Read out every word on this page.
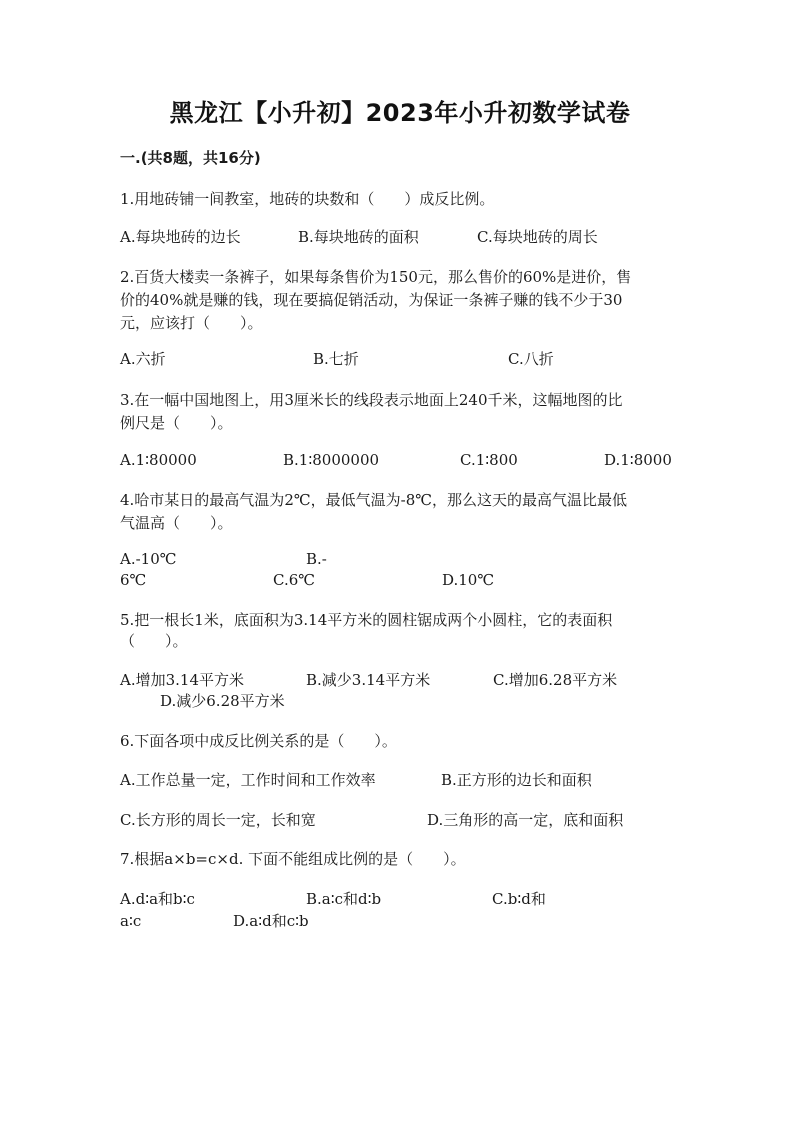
黑龙江【小升初】2023年小升初数学试卷
一.(共8题，共16分)
1.用地砖铺一间教室，地砖的块数和（　　）成反比例。
A.每块地砖的边长	B.每块地砖的面积	C.每块地砖的周长
2.百货大楼卖一条裤子，如果每条售价为150元，那么售价的60%是进价，售
价的40%就是赚的钱，现在要搞促销活动，为保证一条裤子赚的钱不少于30
元，应该打（　　）。
A.六折	B.七折	C.八折
3.在一幅中国地图上，用3厘米长的线段表示地面上240千米，这幅地图的比
例尺是（　　）。
A.1∶80000	B.1∶8000000	C.1∶800	D.1∶8000
4.哈市某日的最高气温为2℃，最低气温为-8℃，那么这天的最高气温比最低
气温高（　　）。
A.-10℃	B.-
6℃	C.6℃	D.10℃
5.把一根长1米，底面积为3.14平方米的圆柱锯成两个小圆柱，它的表面积
（　　）。
A.增加3.14平方米	B.减少3.14平方米	C.增加6.28平方米
D.减少6.28平方米
6.下面各项中成反比例关系的是（　　）。
A.工作总量一定，工作时间和工作效率	B.正方形的边长和面积
C.长方形的周长一定，长和宽	D.三角形的高一定，底和面积
7.根据a×b=c×d. 下面不能组成比例的是（　　）。
A.d∶a和b∶c	B.a∶c和d∶b	C.b∶d和
a∶c	D.a∶d和c∶b
